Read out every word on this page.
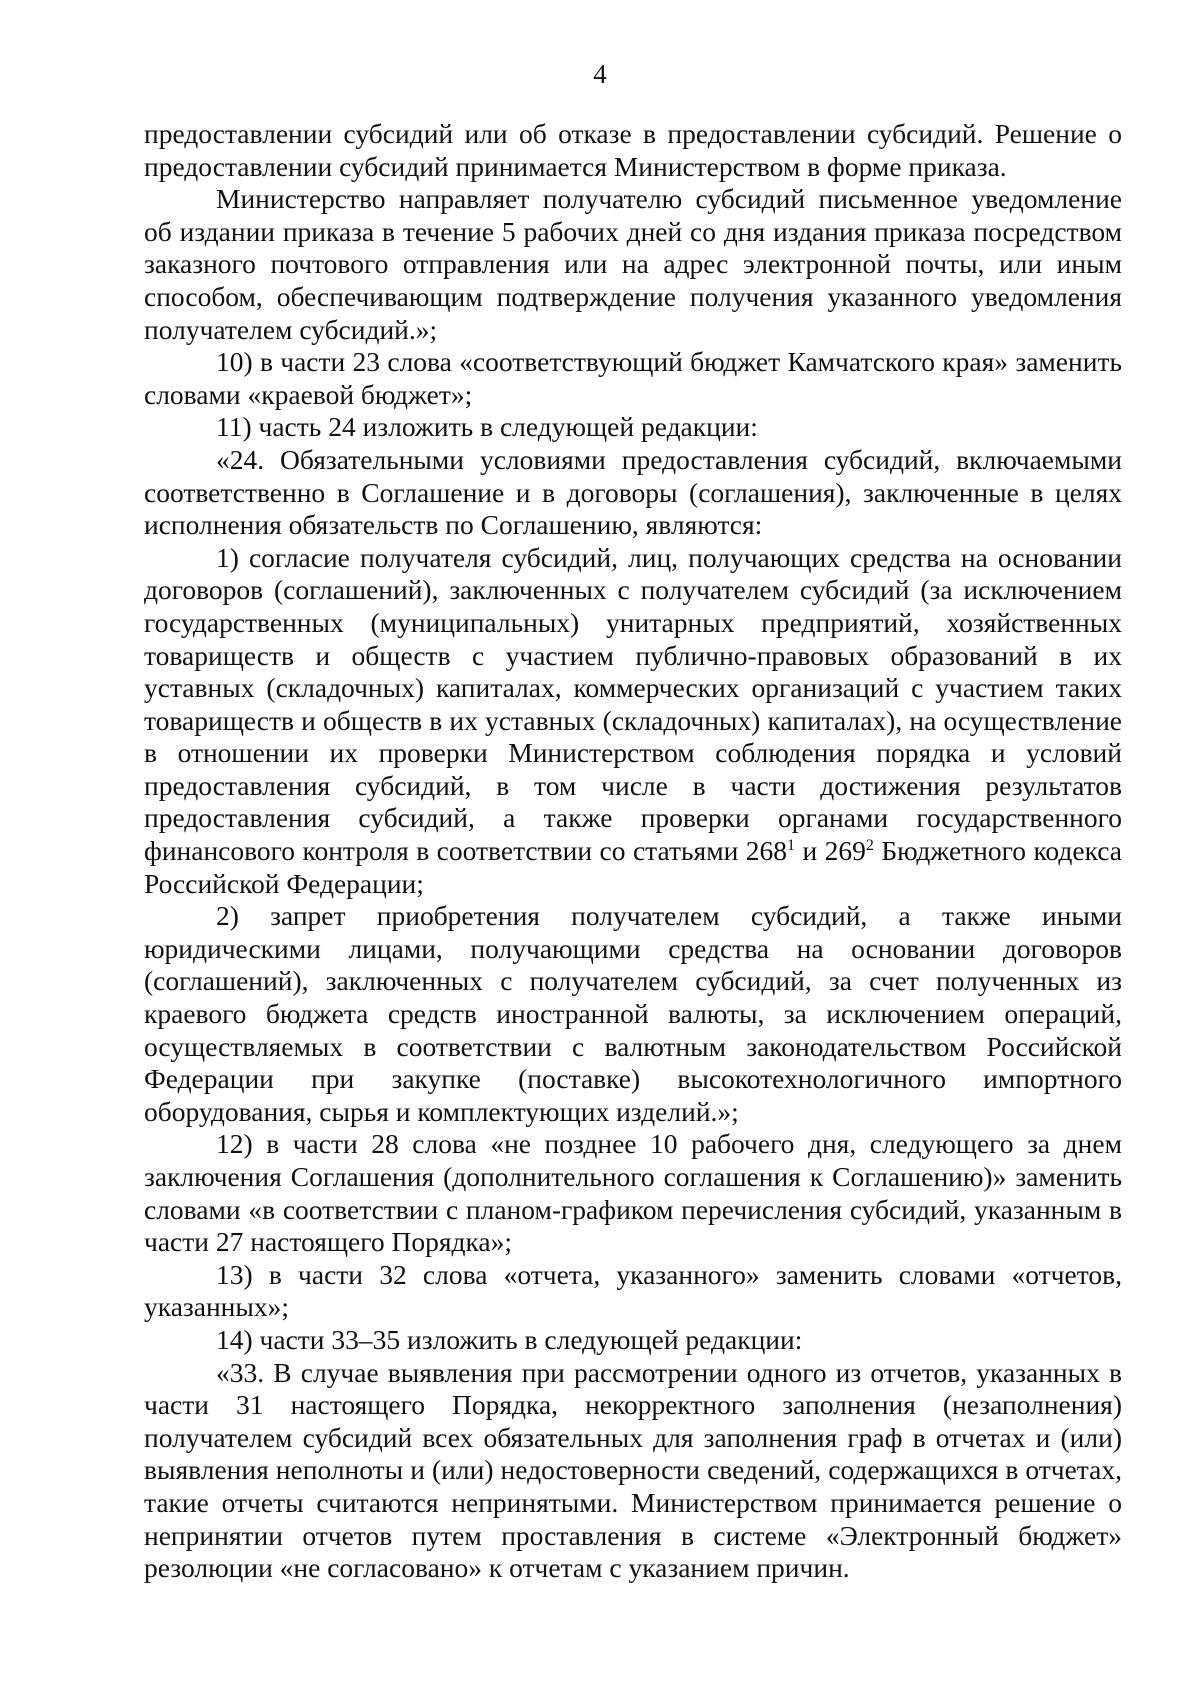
4

предоставлении субсидий или об отказе в предоставлении субсидий. Решение о предоставлении субсидий принимается Министерством в форме приказа.

Министерство направляет получателю субсидий письменное уведомление об издании приказа в течение 5 рабочих дней со дня издания приказа посредством заказного почтового отправления или на адрес электронной почты, или иным способом, обеспечивающим подтверждение получения указанного уведомления получателем субсидий.»;

10) в части 23 слова «соответствующий бюджет Камчатского края» заменить словами «краевой бюджет»;

11) часть 24 изложить в следующей редакции:

«24. Обязательными условиями предоставления субсидий, включаемыми соответственно в Соглашение и в договоры (соглашения), заключенные в целях исполнения обязательств по Соглашению, являются:

1) согласие получателя субсидий, лиц, получающих средства на основании договоров (соглашений), заключенных с получателем субсидий (за исключением государственных (муниципальных) унитарных предприятий, хозяйственных товариществ и обществ с участием публично-правовых образований в их уставных (складочных) капиталах, коммерческих организаций с участием таких товариществ и обществ в их уставных (складочных) капиталах), на осуществление в отношении их проверки Министерством соблюдения порядка и условий предоставления субсидий, в том числе в части достижения результатов предоставления субсидий, а также проверки органами государственного финансового контроля в соответствии со статьями $268^1$ и $269^2$ Бюджетного кодекса Российской Федерации;

2) запрет приобретения получателем субсидий, а также иными юридическими лицами, получающими средства на основании договоров (соглашений), заключенных с получателем субсидий, за счет полученных из краевого бюджета средств иностранной валюты, за исключением операций, осуществляемых в соответствии с валютным законодательством Российской Федерации при закупке (поставке) высокотехнологичного импортного оборудования, сырья и комплектующих изделий.»;

12) в части 28 слова «не позднее 10 рабочего дня, следующего за днем заключения Соглашения (дополнительного соглашения к Соглашению)» заменить словами «в соответствии с планом-графиком перечисления субсидий, указанным в части 27 настоящего Порядка»;

13) в части 32 слова «отчета, указанного» заменить словами «отчетов, указанных»;

14) части 33–35 изложить в следующей редакции:

«33. В случае выявления при рассмотрении одного из отчетов, указанных в части 31 настоящего Порядка, некорректного заполнения (незаполнения) получателем субсидий всех обязательных для заполнения граф в отчетах и (или) выявления неполноты и (или) недостоверности сведений, содержащихся в отчетах, такие отчеты считаются непринятыми. Министерством принимается решение о непринятии отчетов путем проставления в системе «Электронный бюджет» резолюции «не согласовано» к отчетам с указанием причин.
